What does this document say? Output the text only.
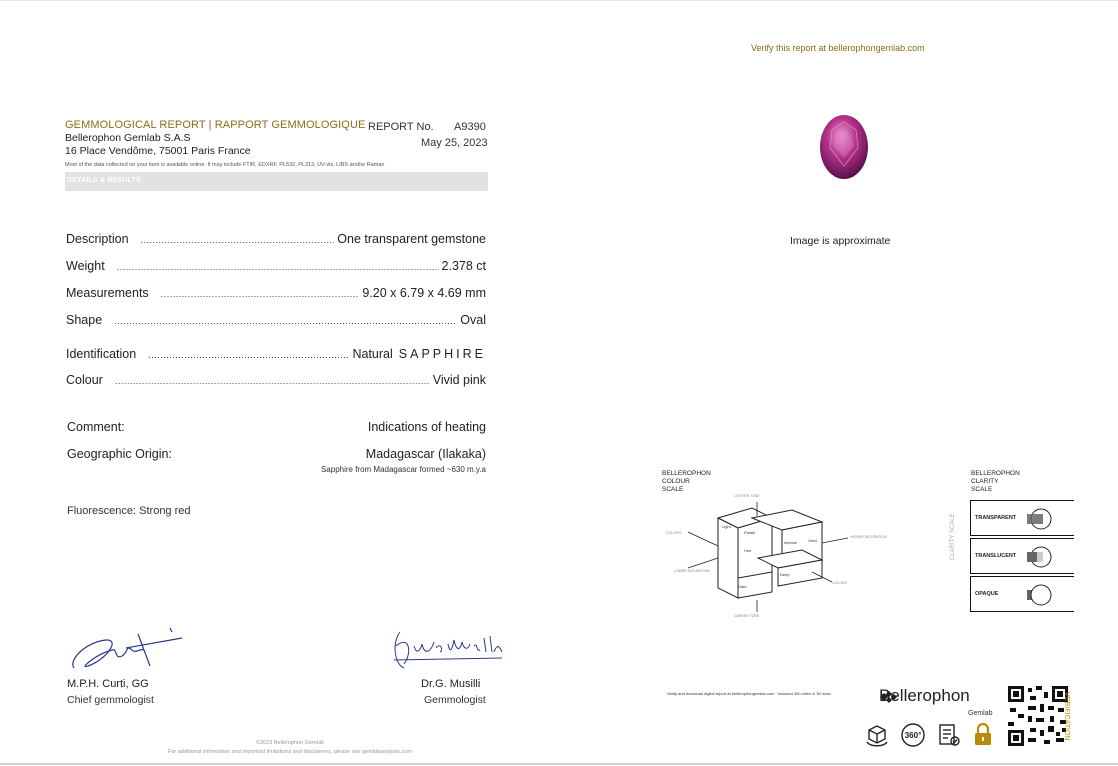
Verify this report at bellerophongemlab.com
GEMMOLOGICAL REPORT | RAPPORT GEMMOLOGIQUE
Bellerophon Gemlab S.A.S
16 Place Vendôme, 75001 Paris France
REPORT No. A9390
May 25, 2023
Most of the data collected on your item is available online. It may include FTIR, EDXRF, PL532, PL313, UV-vis, LIBS and/or Raman
DETAILS & RESULTS
Description .....	One transparent gemstone
Weight .....	2.378 ct
Measurements .....	9.20 x 6.79 x 4.69 mm
Shape .....	Oval
Identification .....	Natural SAPPHIRE
Colour .....	Vivid pink
Comment:	Indications of heating
Geographic Origin:	Madagascar (Ilakaka)
Sapphire from Madagascar formed ~630 m.y.a
Fluorescence: Strong red
M.P.H. Curti, GG
Chief gemmologist
Dr.G. Musilli
Gemmologist
©2023 Bellerophon Gemlab
For additional information and important limitations and disclaimers, please see gemlabanalysis.com
Image is approximate
BELLEROPHON
COLOUR
SCALE
Light
Pastel
Intense	Vivid
Hue
Deep
Dark
LIGHTER TONE
DARKER TONE
COLOUR
COLOUR
HIGHER SATURATION
LOWER SATURATION
BELLEROPHON
CLARITY
SCALE
CLARITY SCALE	TRANSPARENT
TRANSLUCENT
OPAQUE
Verify and download digital report at bellerophongemlab.com · included 360 video & 3D scan	Bellerophon
Gemlab	VERIFICATION
360°
